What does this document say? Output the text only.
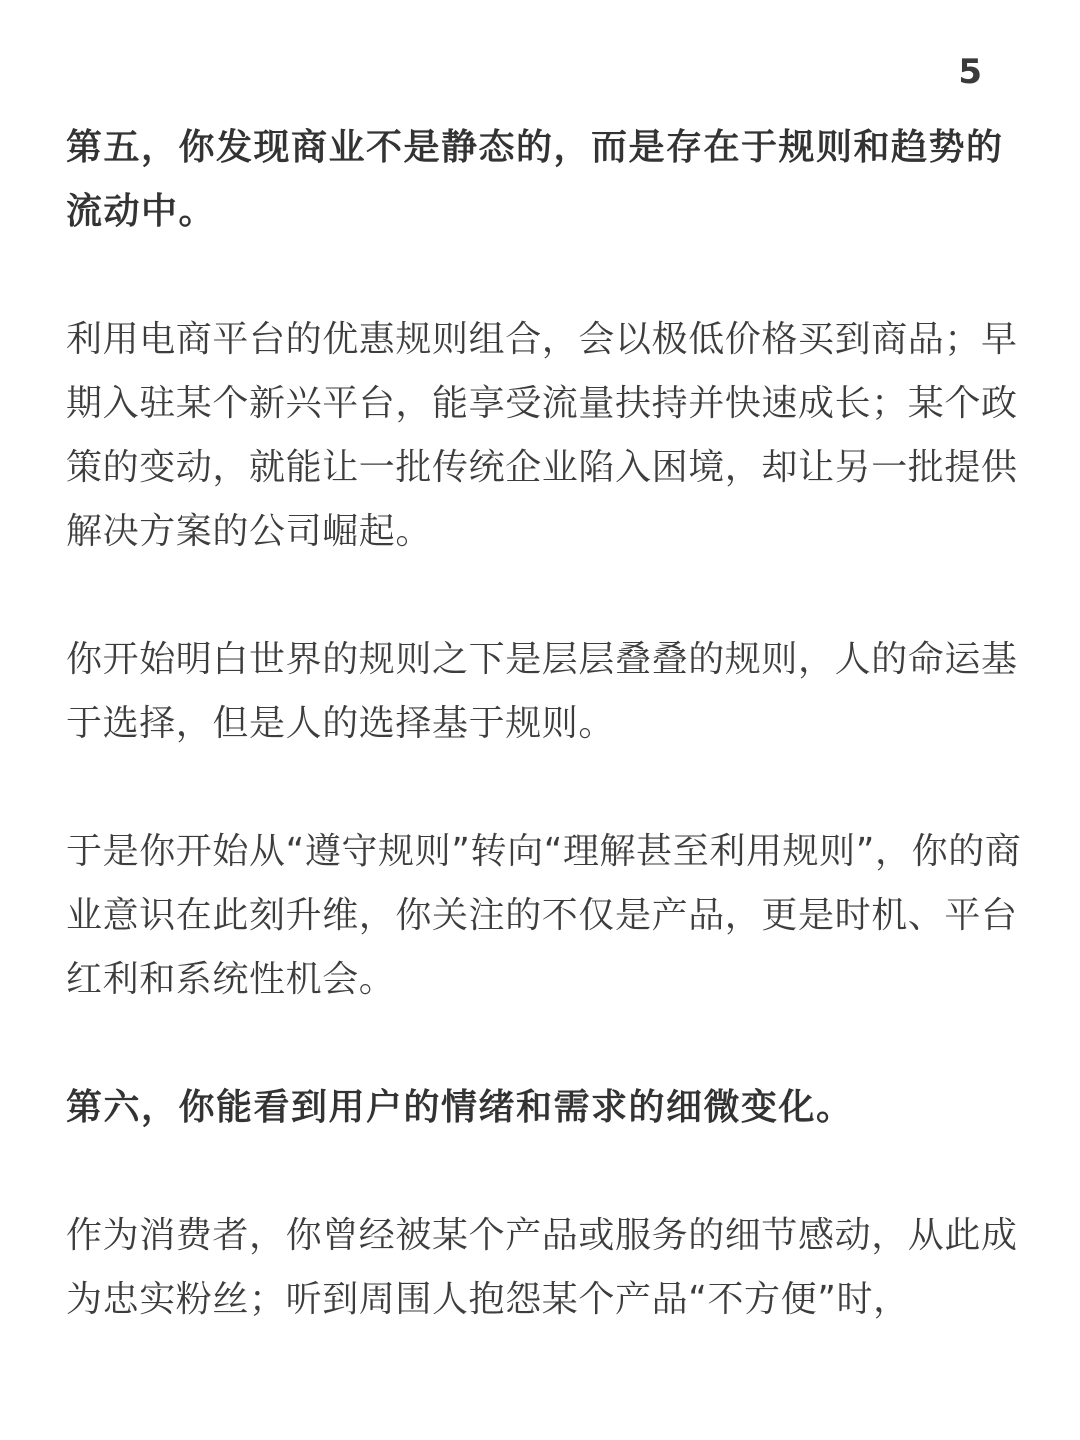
5

第五，你发现商业不是静态的，而是存在于规则和趋势的流动中。

利用电商平台的优惠规则组合，会以极低价格买到商品；早期入驻某个新兴平台，能享受流量扶持并快速成长；某个政策的变动，就能让一批传统企业陷入困境，却让另一批提供解决方案的公司崛起。

你开始明白世界的规则之下是层层叠叠的规则，人的命运基于选择，但是人的选择基于规则。

于是你开始从“遵守规则”转向“理解甚至利用规则”，你的商业意识在此刻升维，你关注的不仅是产品，更是时机、平台红利和系统性机会。

第六，你能看到用户的情绪和需求的细微变化。

作为消费者，你曾经被某个产品或服务的细节感动，从此成为忠实粉丝；听到周围人抱怨某个产品“不方便”时，
